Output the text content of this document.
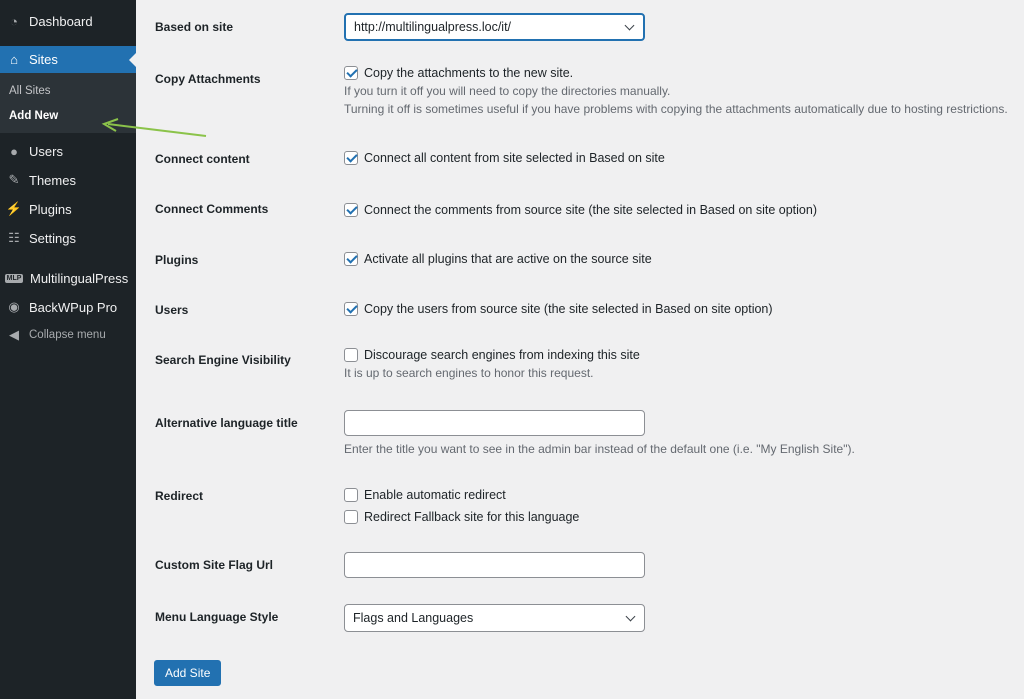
◔ Dashboard
⌂ Sites
All Sites
Add New
● Users
✎ Themes
⚡ Plugins
☷ Settings
MLP MultilingualPress
◉ BackWPup Pro
◀ Collapse menu
Based on site	http://multilingualpress.loc/it/
Copy Attachments	Copy the attachments to the new site.
If you turn it off you will need to copy the directories manually.
Turning it off is sometimes useful if you have problems with copying the attachments automatically due to hosting restrictions.
Connect content	Connect all content from site selected in Based on site
Connect Comments	Connect the comments from source site (the site selected in Based on site option)
Plugins	Activate all plugins that are active on the source site
Users	Copy the users from source site (the site selected in Based on site option)
Search Engine Visibility	Discourage search engines from indexing this site
It is up to search engines to honor this request.
Alternative language title
Enter the title you want to see in the admin bar instead of the default one (i.e. "My English Site").
Redirect	Enable automatic redirect
Redirect Fallback site for this language
Custom Site Flag Url
Menu Language Style	Flags and Languages
Add Site
